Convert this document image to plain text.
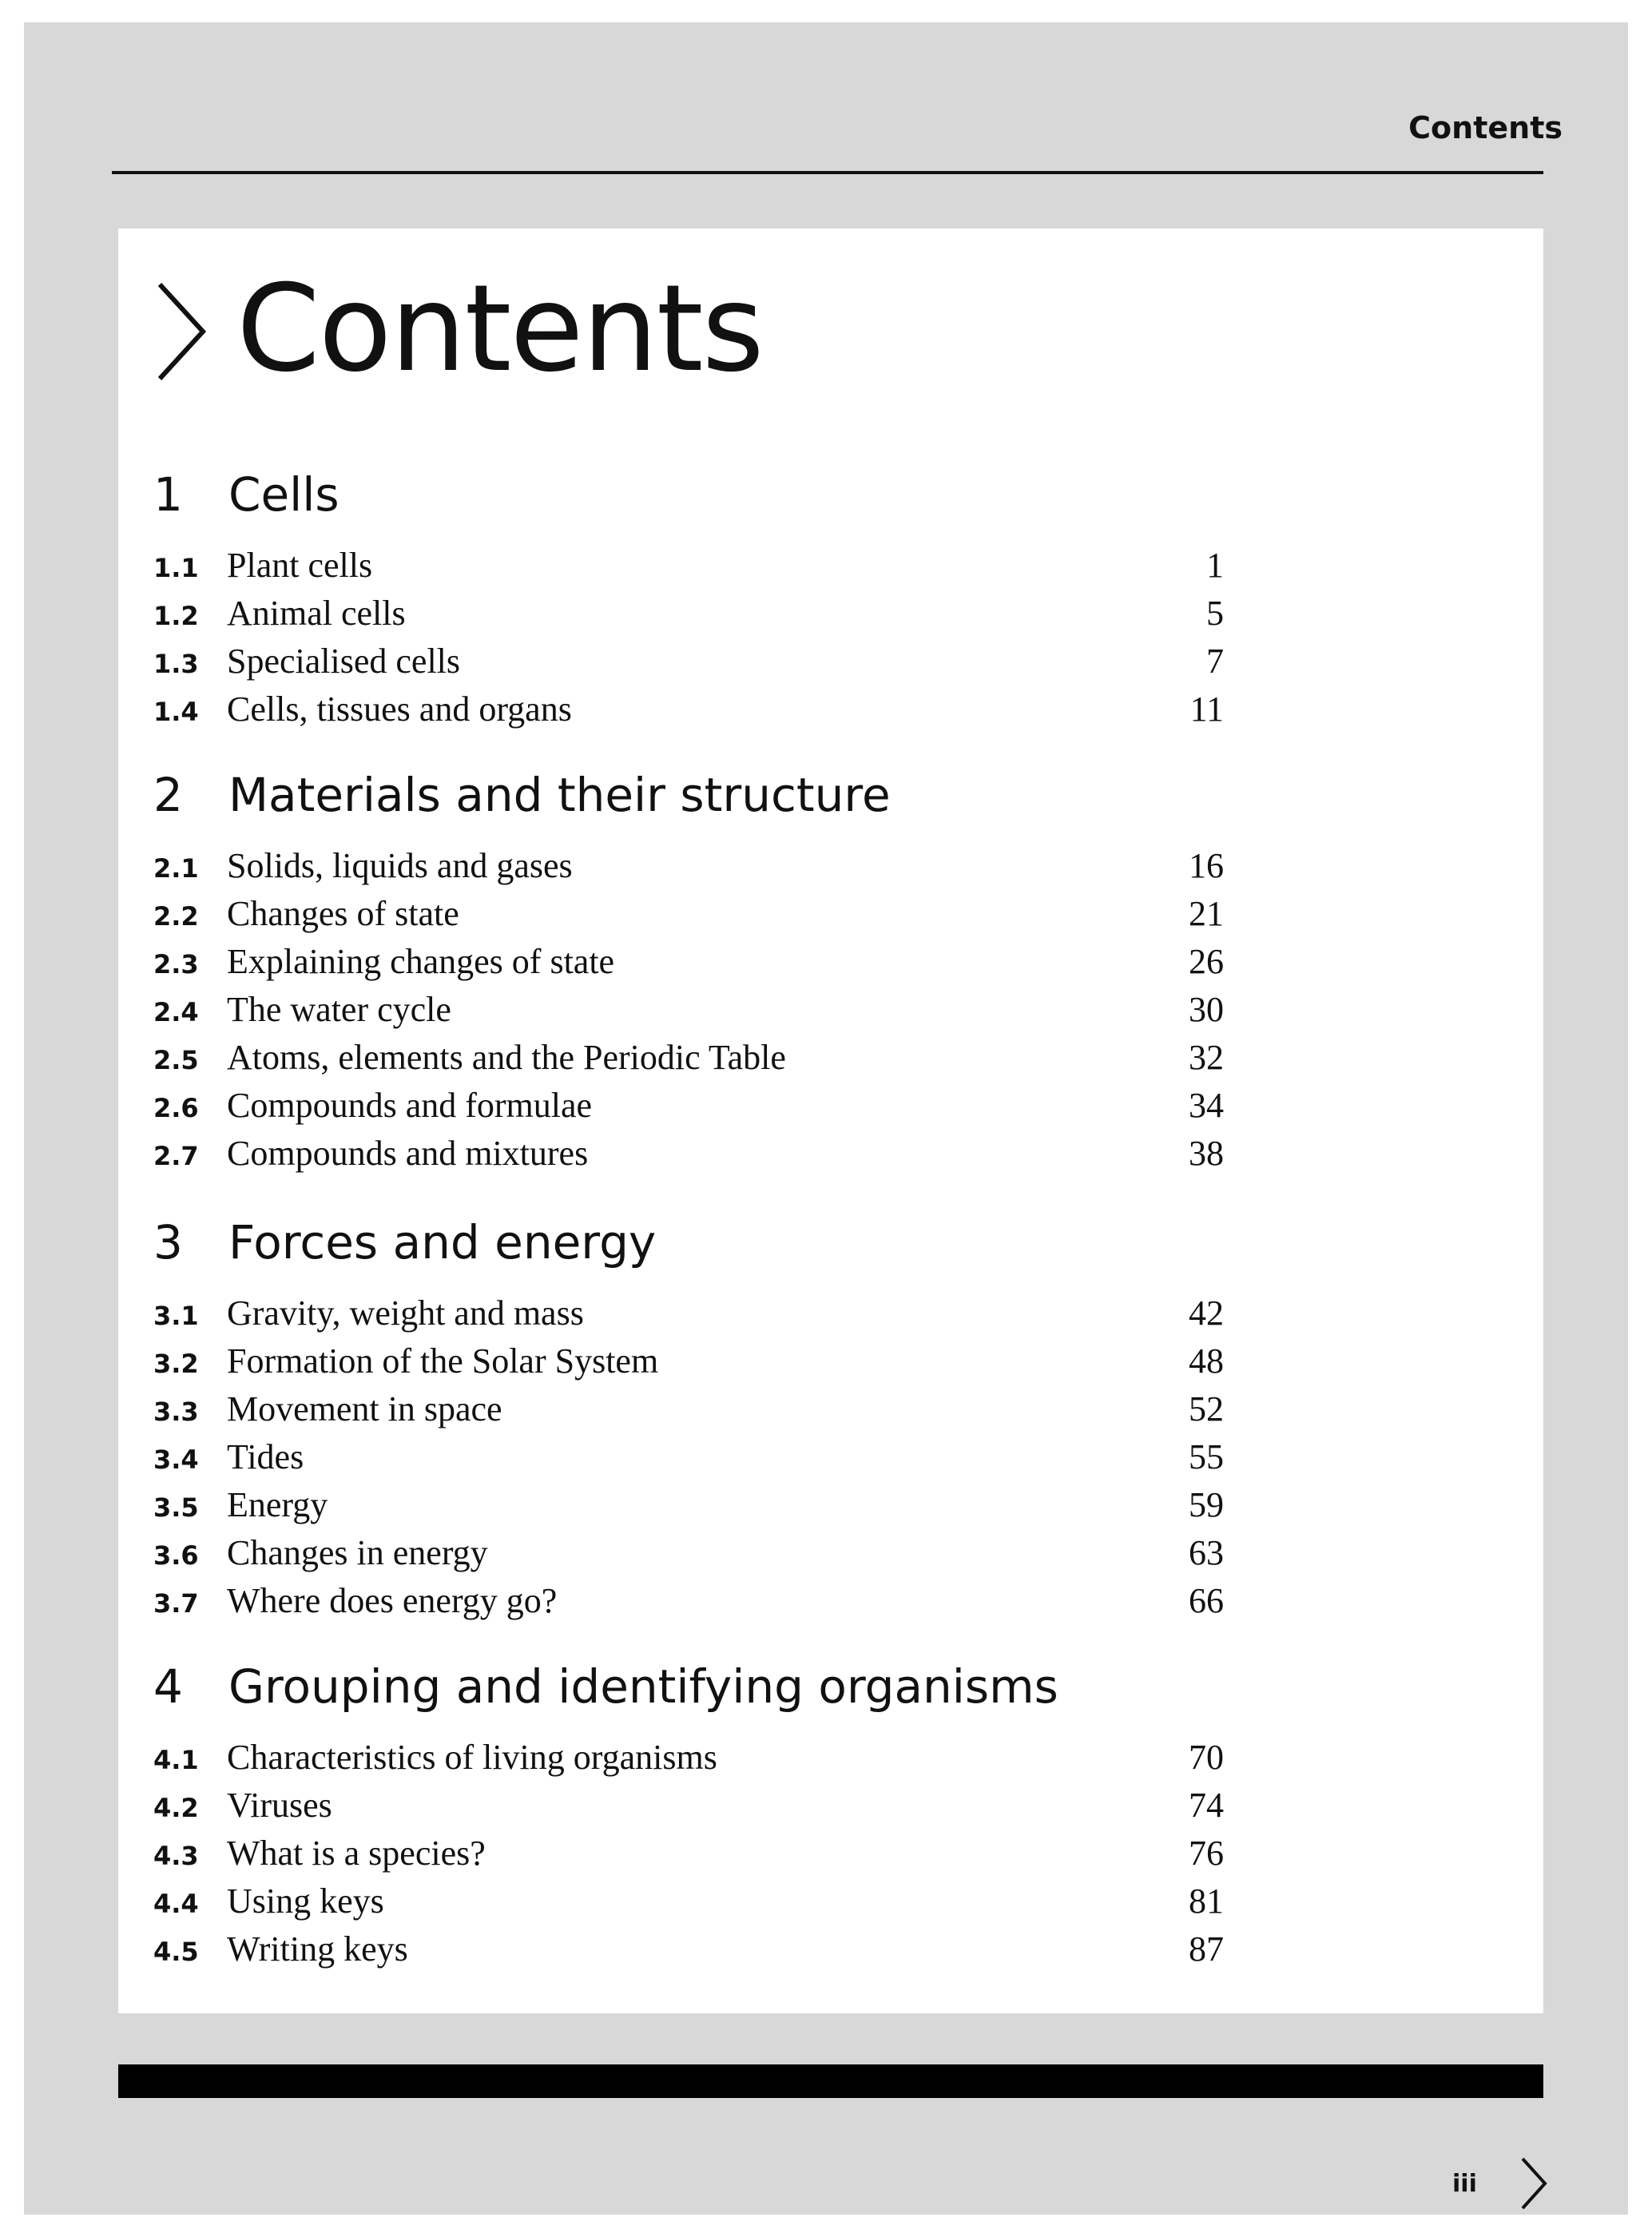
Contents
Contents
1 Cells
1.1 Plant cells	1
1.2 Animal cells	5
1.3 Specialised cells	7
1.4 Cells, tissues and organs	11
2 Materials and their structure
2.1 Solids, liquids and gases	16
2.2 Changes of state	21
2.3 Explaining changes of state	26
2.4 The water cycle	30
2.5 Atoms, elements and the Periodic Table	32
2.6 Compounds and formulae	34
2.7 Compounds and mixtures	38
3 Forces and energy
3.1 Gravity, weight and mass	42
3.2 Formation of the Solar System	48
3.3 Movement in space	52
3.4 Tides	55
3.5 Energy	59
3.6 Changes in energy	63
3.7 Where does energy go?	66
4 Grouping and identifying organisms
4.1 Characteristics of living organisms	70
4.2 Viruses	74
4.3 What is a species?	76
4.4 Using keys	81
4.5 Writing keys	87
iii
